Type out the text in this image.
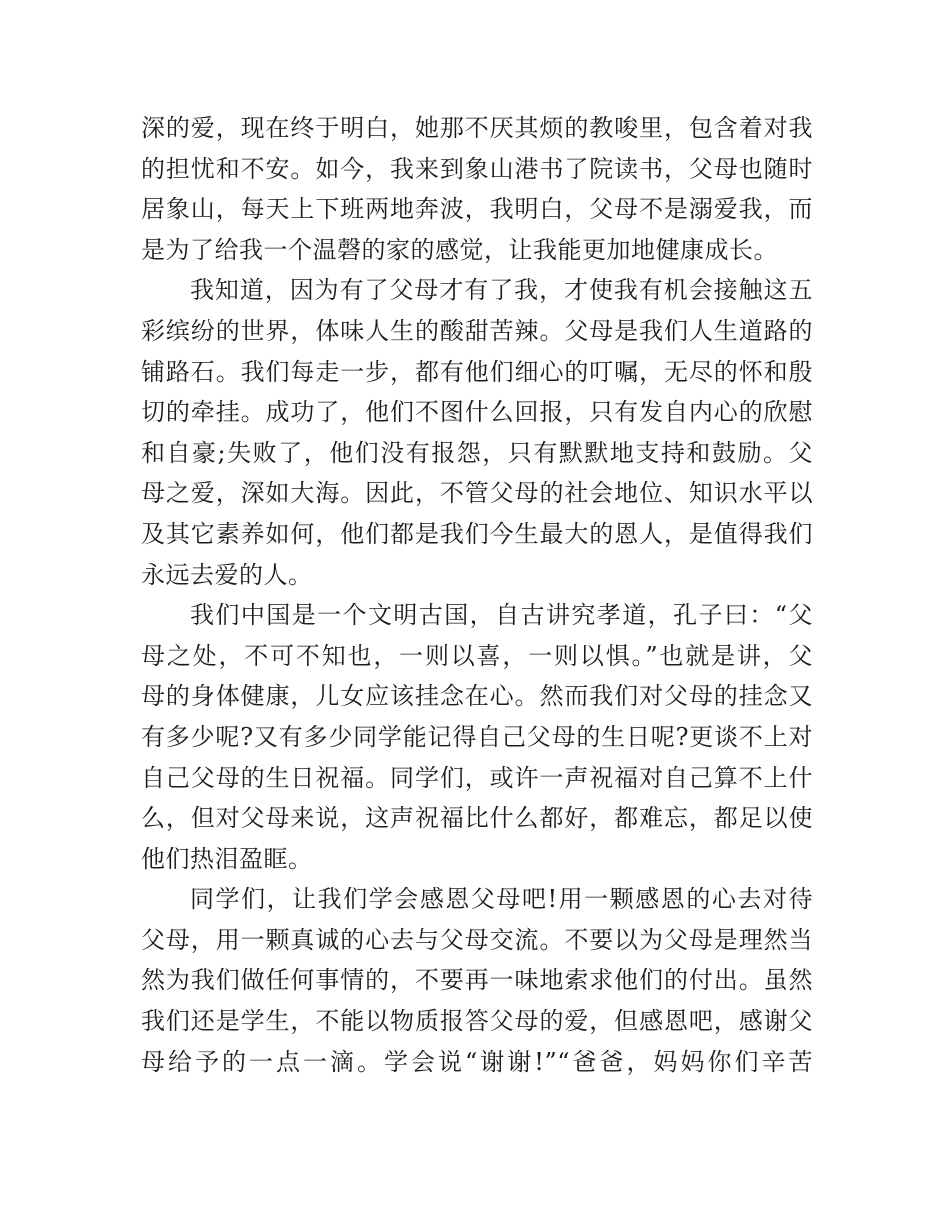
深的爱，现在终于明白，她那不厌其烦的教唆里，包含着对我
的担忧和不安。如今，我来到象山港书了院读书，父母也随时
居象山，每天上下班两地奔波，我明白，父母不是溺爱我，而
是为了给我一个温磬的家的感觉，让我能更加地健康成长。
我知道，因为有了父母才有了我，才使我有机会接触这五
彩缤纷的世界，体味人生的酸甜苦辣。父母是我们人生道路的
铺路石。我们每走一步，都有他们细心的叮嘱，无尽的怀和殷
切的牵挂。成功了，他们不图什么回报，只有发自内心的欣慰
和自豪;失败了，他们没有报怨，只有默默地支持和鼓励。父
母之爱，深如大海。因此，不管父母的社会地位、知识水平以
及其它素养如何，他们都是我们今生最大的恩人，是值得我们
永远去爱的人。
我们中国是一个文明古国，自古讲究孝道，孔子曰：“父
母之处，不可不知也，一则以喜，一则以惧。”也就是讲，父
母的身体健康，儿女应该挂念在心。然而我们对父母的挂念又
有多少呢?又有多少同学能记得自己父母的生日呢?更谈不上对
自己父母的生日祝福。同学们，或许一声祝福对自己算不上什
么，但对父母来说，这声祝福比什么都好，都难忘，都足以使
他们热泪盈眶。
同学们，让我们学会感恩父母吧!用一颗感恩的心去对待
父母，用一颗真诚的心去与父母交流。不要以为父母是理然当
然为我们做任何事情的，不要再一味地索求他们的付出。虽然
我们还是学生，不能以物质报答父母的爱，但感恩吧，感谢父
母给予的一点一滴。学会说“谢谢!”“爸爸，妈妈你们辛苦
